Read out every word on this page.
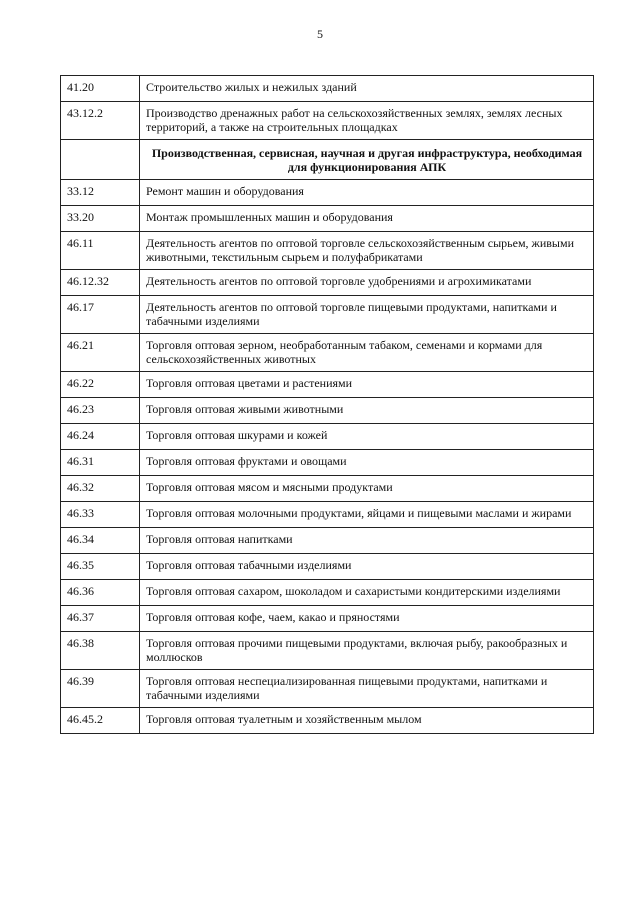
5
41.20	Строительство жилых и нежилых зданий
43.12.2	Производство дренажных работ на сельскохозяйственных землях, землях лесных территорий, а также на строительных площадках
	Производственная, сервисная, научная и другая инфраструктура, необходимая для функционирования АПК
33.12	Ремонт машин и оборудования
33.20	Монтаж промышленных машин и оборудования
46.11	Деятельность агентов по оптовой торговле сельскохозяйственным сырьем, живыми животными, текстильным сырьем и полуфабрикатами
46.12.32	Деятельность агентов по оптовой торговле удобрениями и агрохимикатами
46.17	Деятельность агентов по оптовой торговле пищевыми продуктами, напитками и табачными изделиями
46.21	Торговля оптовая зерном, необработанным табаком, семенами и кормами для сельскохозяйственных животных
46.22	Торговля оптовая цветами и растениями
46.23	Торговля оптовая живыми животными
46.24	Торговля оптовая шкурами и кожей
46.31	Торговля оптовая фруктами и овощами
46.32	Торговля оптовая мясом и мясными продуктами
46.33	Торговля оптовая молочными продуктами, яйцами и пищевыми маслами и жирами
46.34	Торговля оптовая напитками
46.35	Торговля оптовая табачными изделиями
46.36	Торговля оптовая сахаром, шоколадом и сахаристыми кондитерскими изделиями
46.37	Торговля оптовая кофе, чаем, какао и пряностями
46.38	Торговля оптовая прочими пищевыми продуктами, включая рыбу, ракообразных и моллюсков
46.39	Торговля оптовая неспециализированная пищевыми продуктами, напитками и табачными изделиями
46.45.2	Торговля оптовая туалетным и хозяйственным мылом
